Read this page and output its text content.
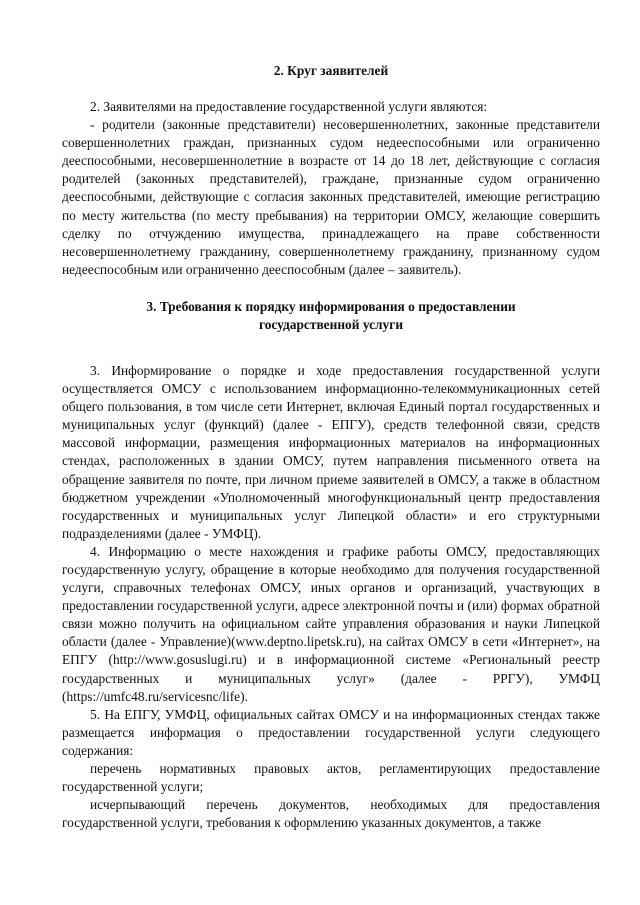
2. Круг заявителей

2. Заявителями на предоставление государственной услуги являются:

- родители (законные представители) несовершеннолетних, законные представители совершеннолетних граждан, признанных судом недееспособными или ограниченно дееспособными, несовершеннолетние в возрасте от 14 до 18 лет, действующие с согласия родителей (законных представителей), граждане, признанные судом ограниченно дееспособными, действующие с согласия законных представителей, имеющие регистрацию по месту жительства (по месту пребывания) на территории ОМСУ, желающие совершить сделку по отчуждению имущества, принадлежащего на праве собственности несовершеннолетнему гражданину, совершеннолетнему гражданину, признанному судом недееспособным или ограниченно дееспособным (далее – заявитель).

3. Требования к порядку информирования о предоставлении государственной услуги

3. Информирование о порядке и ходе предоставления государственной услуги осуществляется ОМСУ с использованием информационно-телекоммуникационных сетей общего пользования, в том числе сети Интернет, включая Единый портал государственных и муниципальных услуг (функций) (далее - ЕПГУ), средств телефонной связи, средств массовой информации, размещения информационных материалов на информационных стендах, расположенных в здании ОМСУ, путем направления письменного ответа на обращение заявителя по почте, при личном приеме заявителей в ОМСУ, а также в областном бюджетном учреждении «Уполномоченный многофункциональный центр предоставления государственных и муниципальных услуг Липецкой области» и его структурными подразделениями (далее - УМФЦ).

4. Информацию о месте нахождения и графике работы ОМСУ, предоставляющих государственную услугу, обращение в которые необходимо для получения государственной услуги, справочных телефонах ОМСУ, иных органов и организаций, участвующих в предоставлении государственной услуги, адресе электронной почты и (или) формах обратной связи можно получить на официальном сайте управления образования и науки Липецкой области (далее - Управление)(www.deptno.lipetsk.ru), на сайтах ОМСУ в сети «Интернет», на ЕПГУ (http://www.gosuslugi.ru) и в информационной системе «Региональный реестр государственных и муниципальных услуг» (далее - РРГУ), УМФЦ (https://umfc48.ru/servicesnc/life).

5. На ЕПГУ, УМФЦ, официальных сайтах ОМСУ и на информационных стендах также размещается информация о предоставлении государственной услуги следующего содержания:

перечень нормативных правовых актов, регламентирующих предоставление государственной услуги;

исчерпывающий перечень документов, необходимых для предоставления государственной услуги, требования к оформлению указанных документов, а также
